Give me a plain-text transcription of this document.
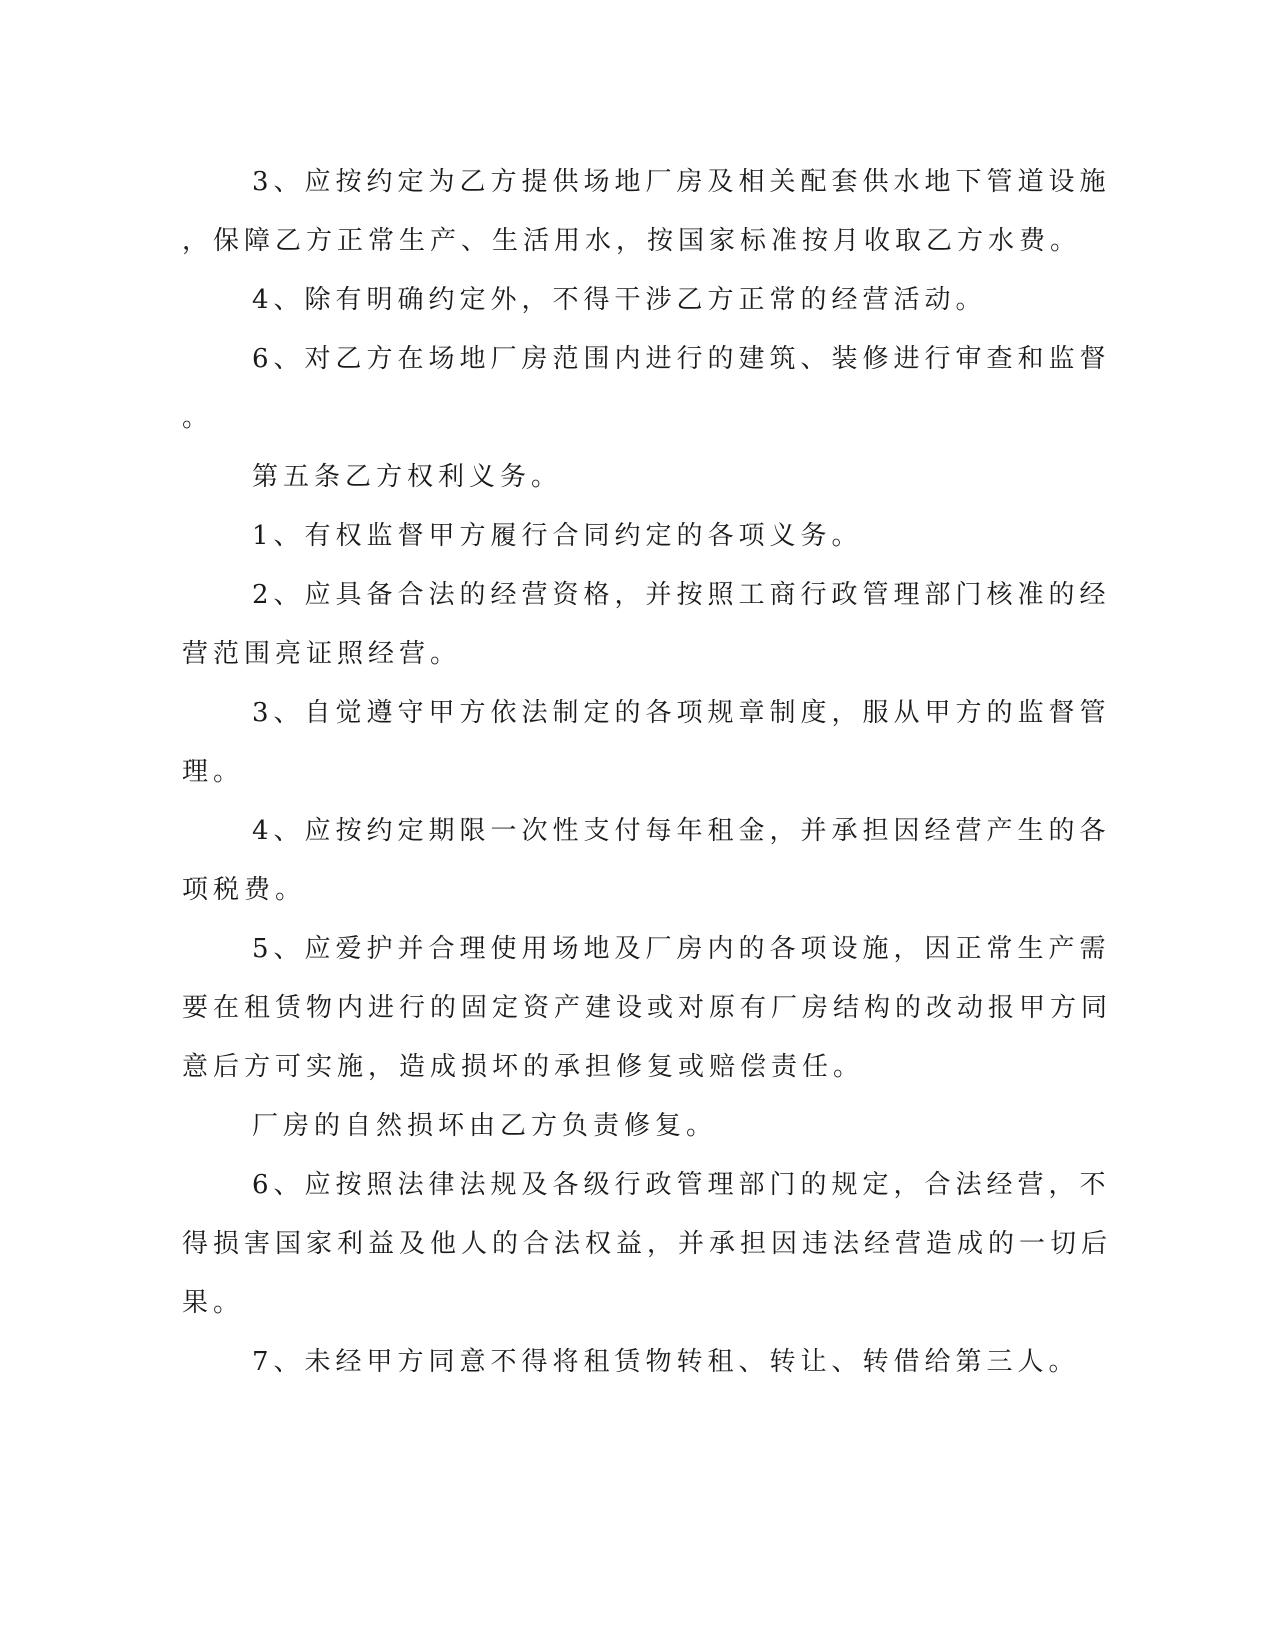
3、应按约定为乙方提供场地厂房及相关配套供水地下管道设施
，保障乙方正常生产、生活用水，按国家标准按月收取乙方水费。
4、除有明确约定外，不得干涉乙方正常的经营活动。
6、对乙方在场地厂房范围内进行的建筑、装修进行审查和监督
。
第五条乙方权利义务。
1、有权监督甲方履行合同约定的各项义务。
2、应具备合法的经营资格，并按照工商行政管理部门核准的经
营范围亮证照经营。
3、自觉遵守甲方依法制定的各项规章制度，服从甲方的监督管
理。
4、应按约定期限一次性支付每年租金，并承担因经营产生的各
项税费。
5、应爱护并合理使用场地及厂房内的各项设施，因正常生产需
要在租赁物内进行的固定资产建设或对原有厂房结构的改动报甲方同
意后方可实施，造成损坏的承担修复或赔偿责任。
厂房的自然损坏由乙方负责修复。
6、应按照法律法规及各级行政管理部门的规定，合法经营，不
得损害国家利益及他人的合法权益，并承担因违法经营造成的一切后
果。
7、未经甲方同意不得将租赁物转租、转让、转借给第三人。
